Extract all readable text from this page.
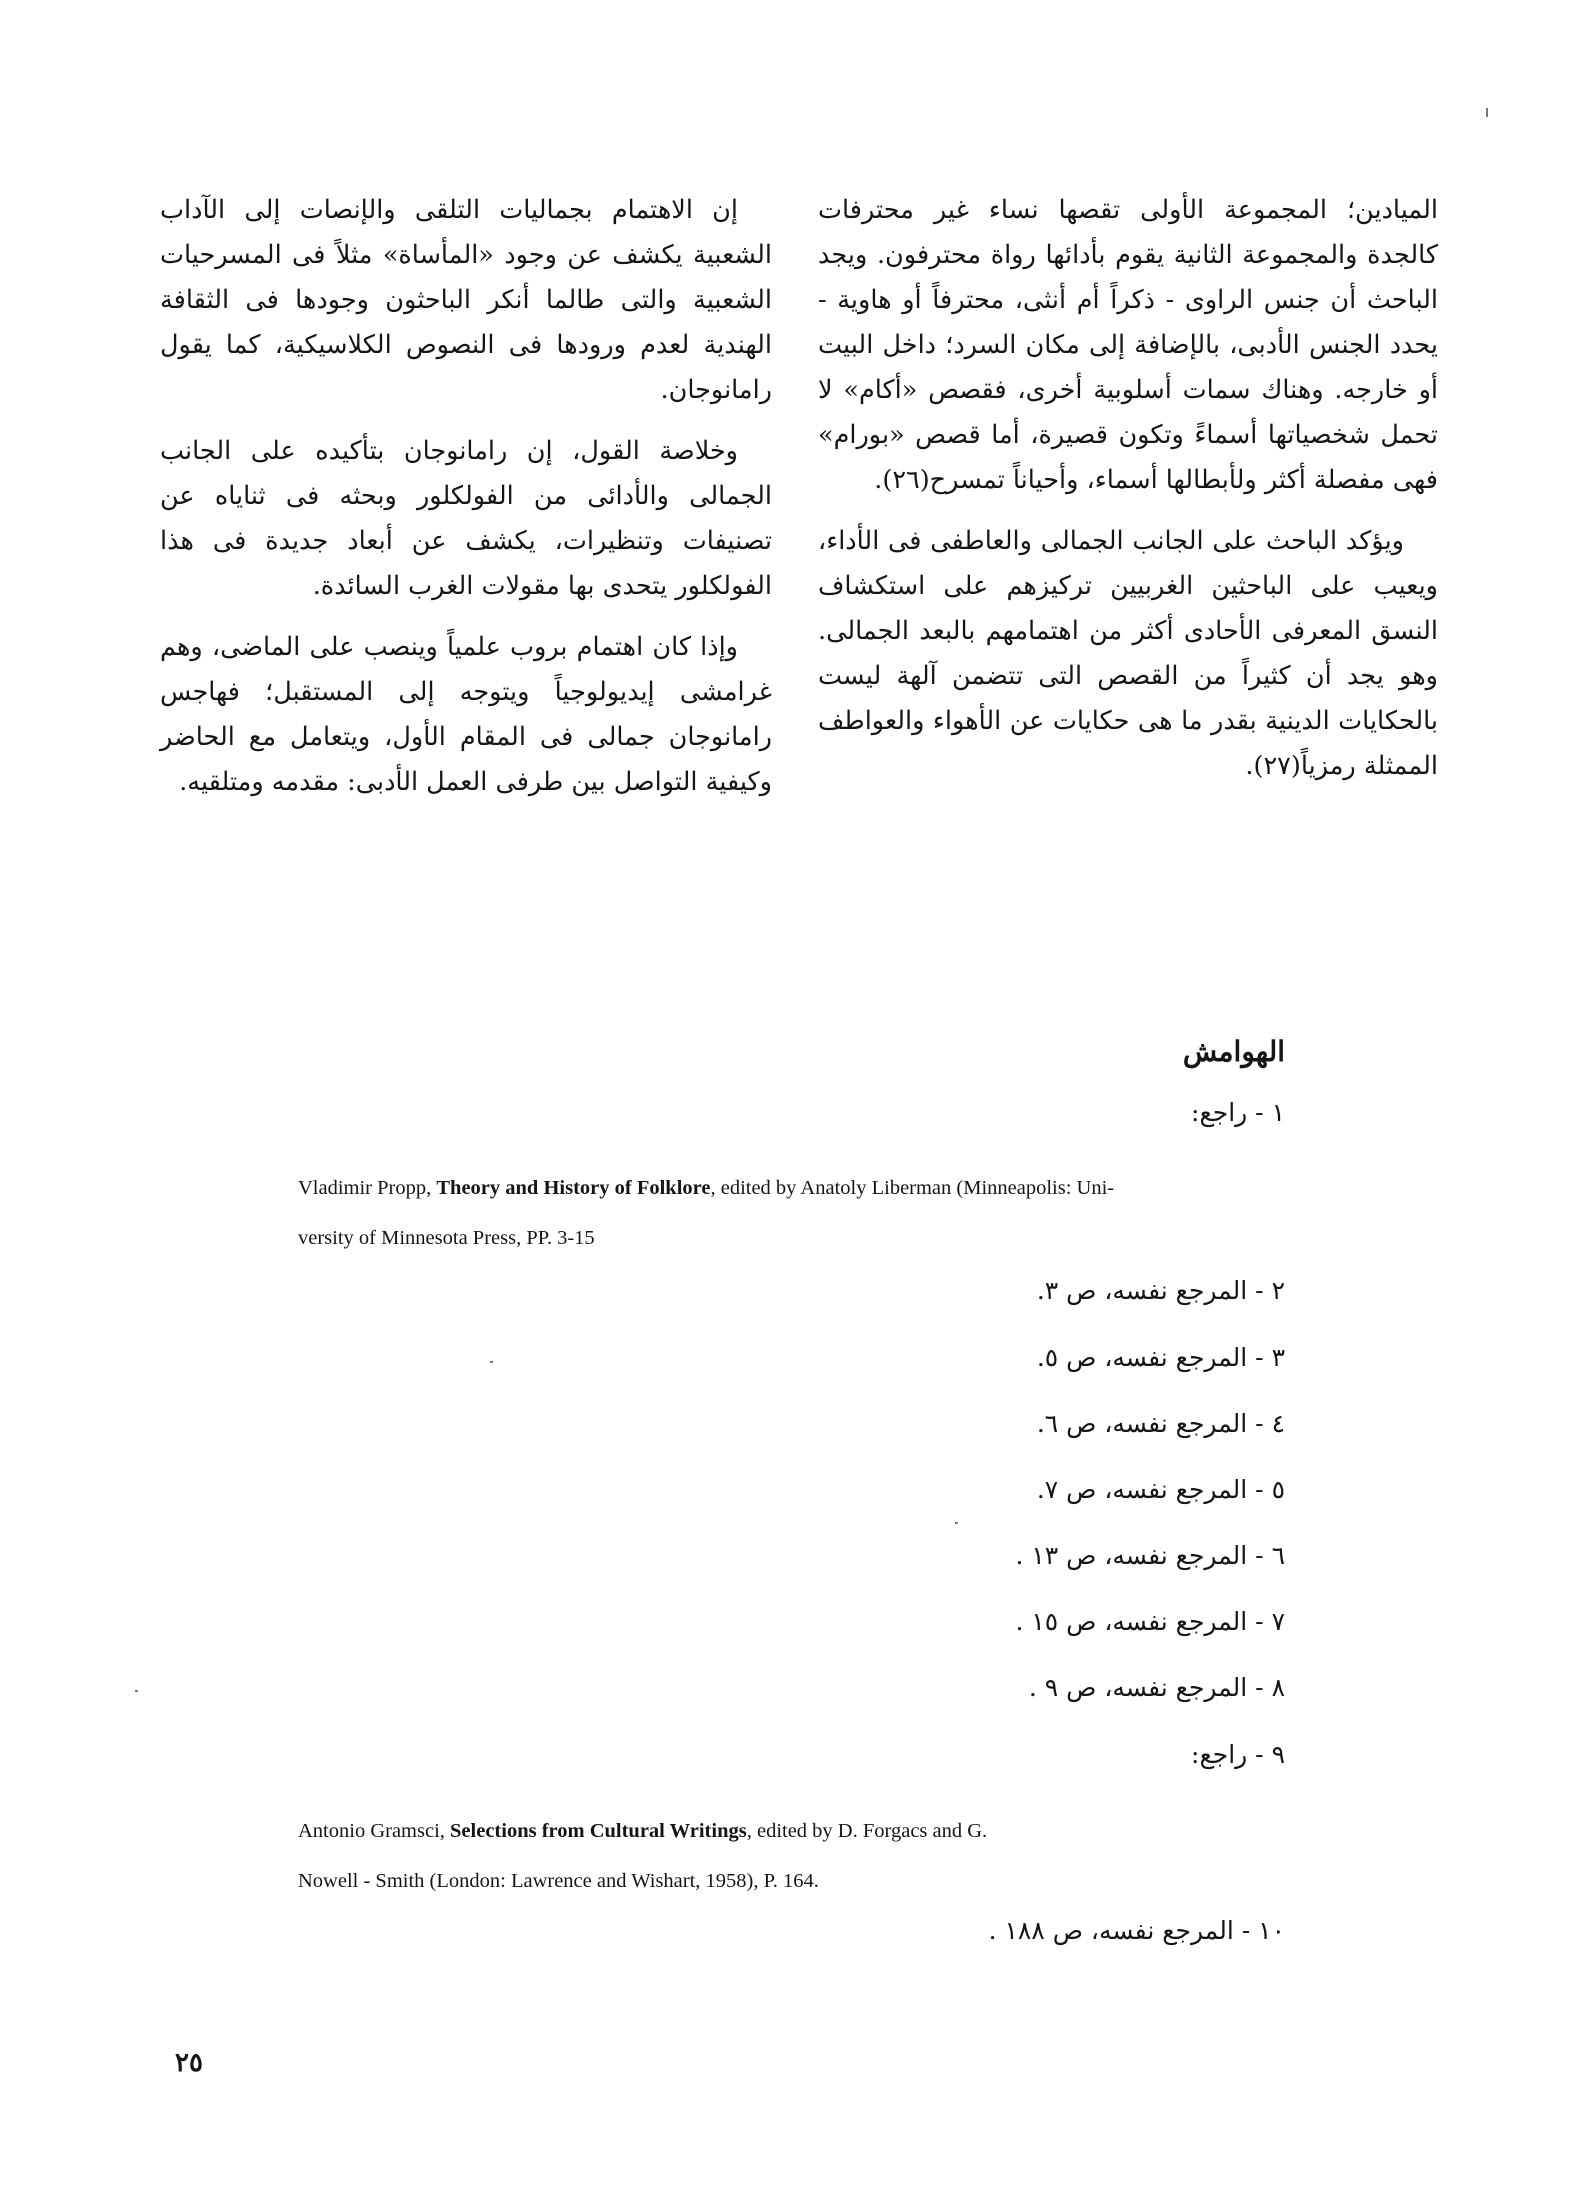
الميادين؛ المجموعة الأولى تقصها نساء غير محترفات كالجدة والمجموعة الثانية يقوم بأدائها رواة محترفون. ويجد الباحث أن جنس الراوى - ذكراً أم أنثى، محترفاً أو هاوية - يحدد الجنس الأدبى، بالإضافة إلى مكان السرد؛ داخل البيت أو خارجه. وهناك سمات أسلوبية أخرى، فقصص «أكام» لا تحمل شخصياتها أسماءً وتكون قصيرة، أما قصص «بورام» فهى مفصلة أكثر ولأبطالها أسماء، وأحياناً تمسرح(٢٦).

ويؤكد الباحث على الجانب الجمالى والعاطفى فى الأداء، ويعيب على الباحثين الغربيين تركيزهم على استكشاف النسق المعرفى الأحادى أكثر من اهتمامهم بالبعد الجمالى. وهو يجد أن كثيراً من القصص التى تتضمن آلهة ليست بالحكايات الدينية بقدر ما هى حكايات عن الأهواء والعواطف الممثلة رمزياً(٢٧).

إن الاهتمام بجماليات التلقى والإنصات إلى الآداب الشعبية يكشف عن وجود «المأساة» مثلاً فى المسرحيات الشعبية والتى طالما أنكر الباحثون وجودها فى الثقافة الهندية لعدم ورودها فى النصوص الكلاسيكية، كما يقول رامانوجان.

وخلاصة القول، إن رامانوجان بتأكيده على الجانب الجمالى والأدائى من الفولكلور وبحثه فى ثناياه عن تصنيفات وتنظيرات، يكشف عن أبعاد جديدة فى هذا الفولكلور يتحدى بها مقولات الغرب السائدة.

وإذا كان اهتمام بروب علمياً وينصب على الماضى، وهم غرامشى إيديولوجياً ويتوجه إلى المستقبل؛ فهاجس رامانوجان جمالى فى المقام الأول، ويتعامل مع الحاضر وكيفية التواصل بين طرفى العمل الأدبى: مقدمه ومتلقيه.

الهوامش
١ - راجع:
Vladimir Propp, Theory and History of Folklore, edited by Anatoly Liberman (Minneapolis: Uni-
versity of Minnesota Press, PP. 3-15
٢ - المرجع نفسه، ص ٣.
٣ - المرجع نفسه، ص ٥.
٤ - المرجع نفسه، ص ٦.
٥ - المرجع نفسه، ص ٧.
٦ - المرجع نفسه، ص ١٣ .
٧ - المرجع نفسه، ص ١٥ .
٨ - المرجع نفسه، ص ٩ .
٩ - راجع:
Antonio Gramsci, Selections from Cultural Writings, edited by D. Forgacs and G.
Nowell - Smith (London: Lawrence and Wishart, 1958), P. 164.
١٠ - المرجع نفسه، ص ١٨٨ .
٢٥
